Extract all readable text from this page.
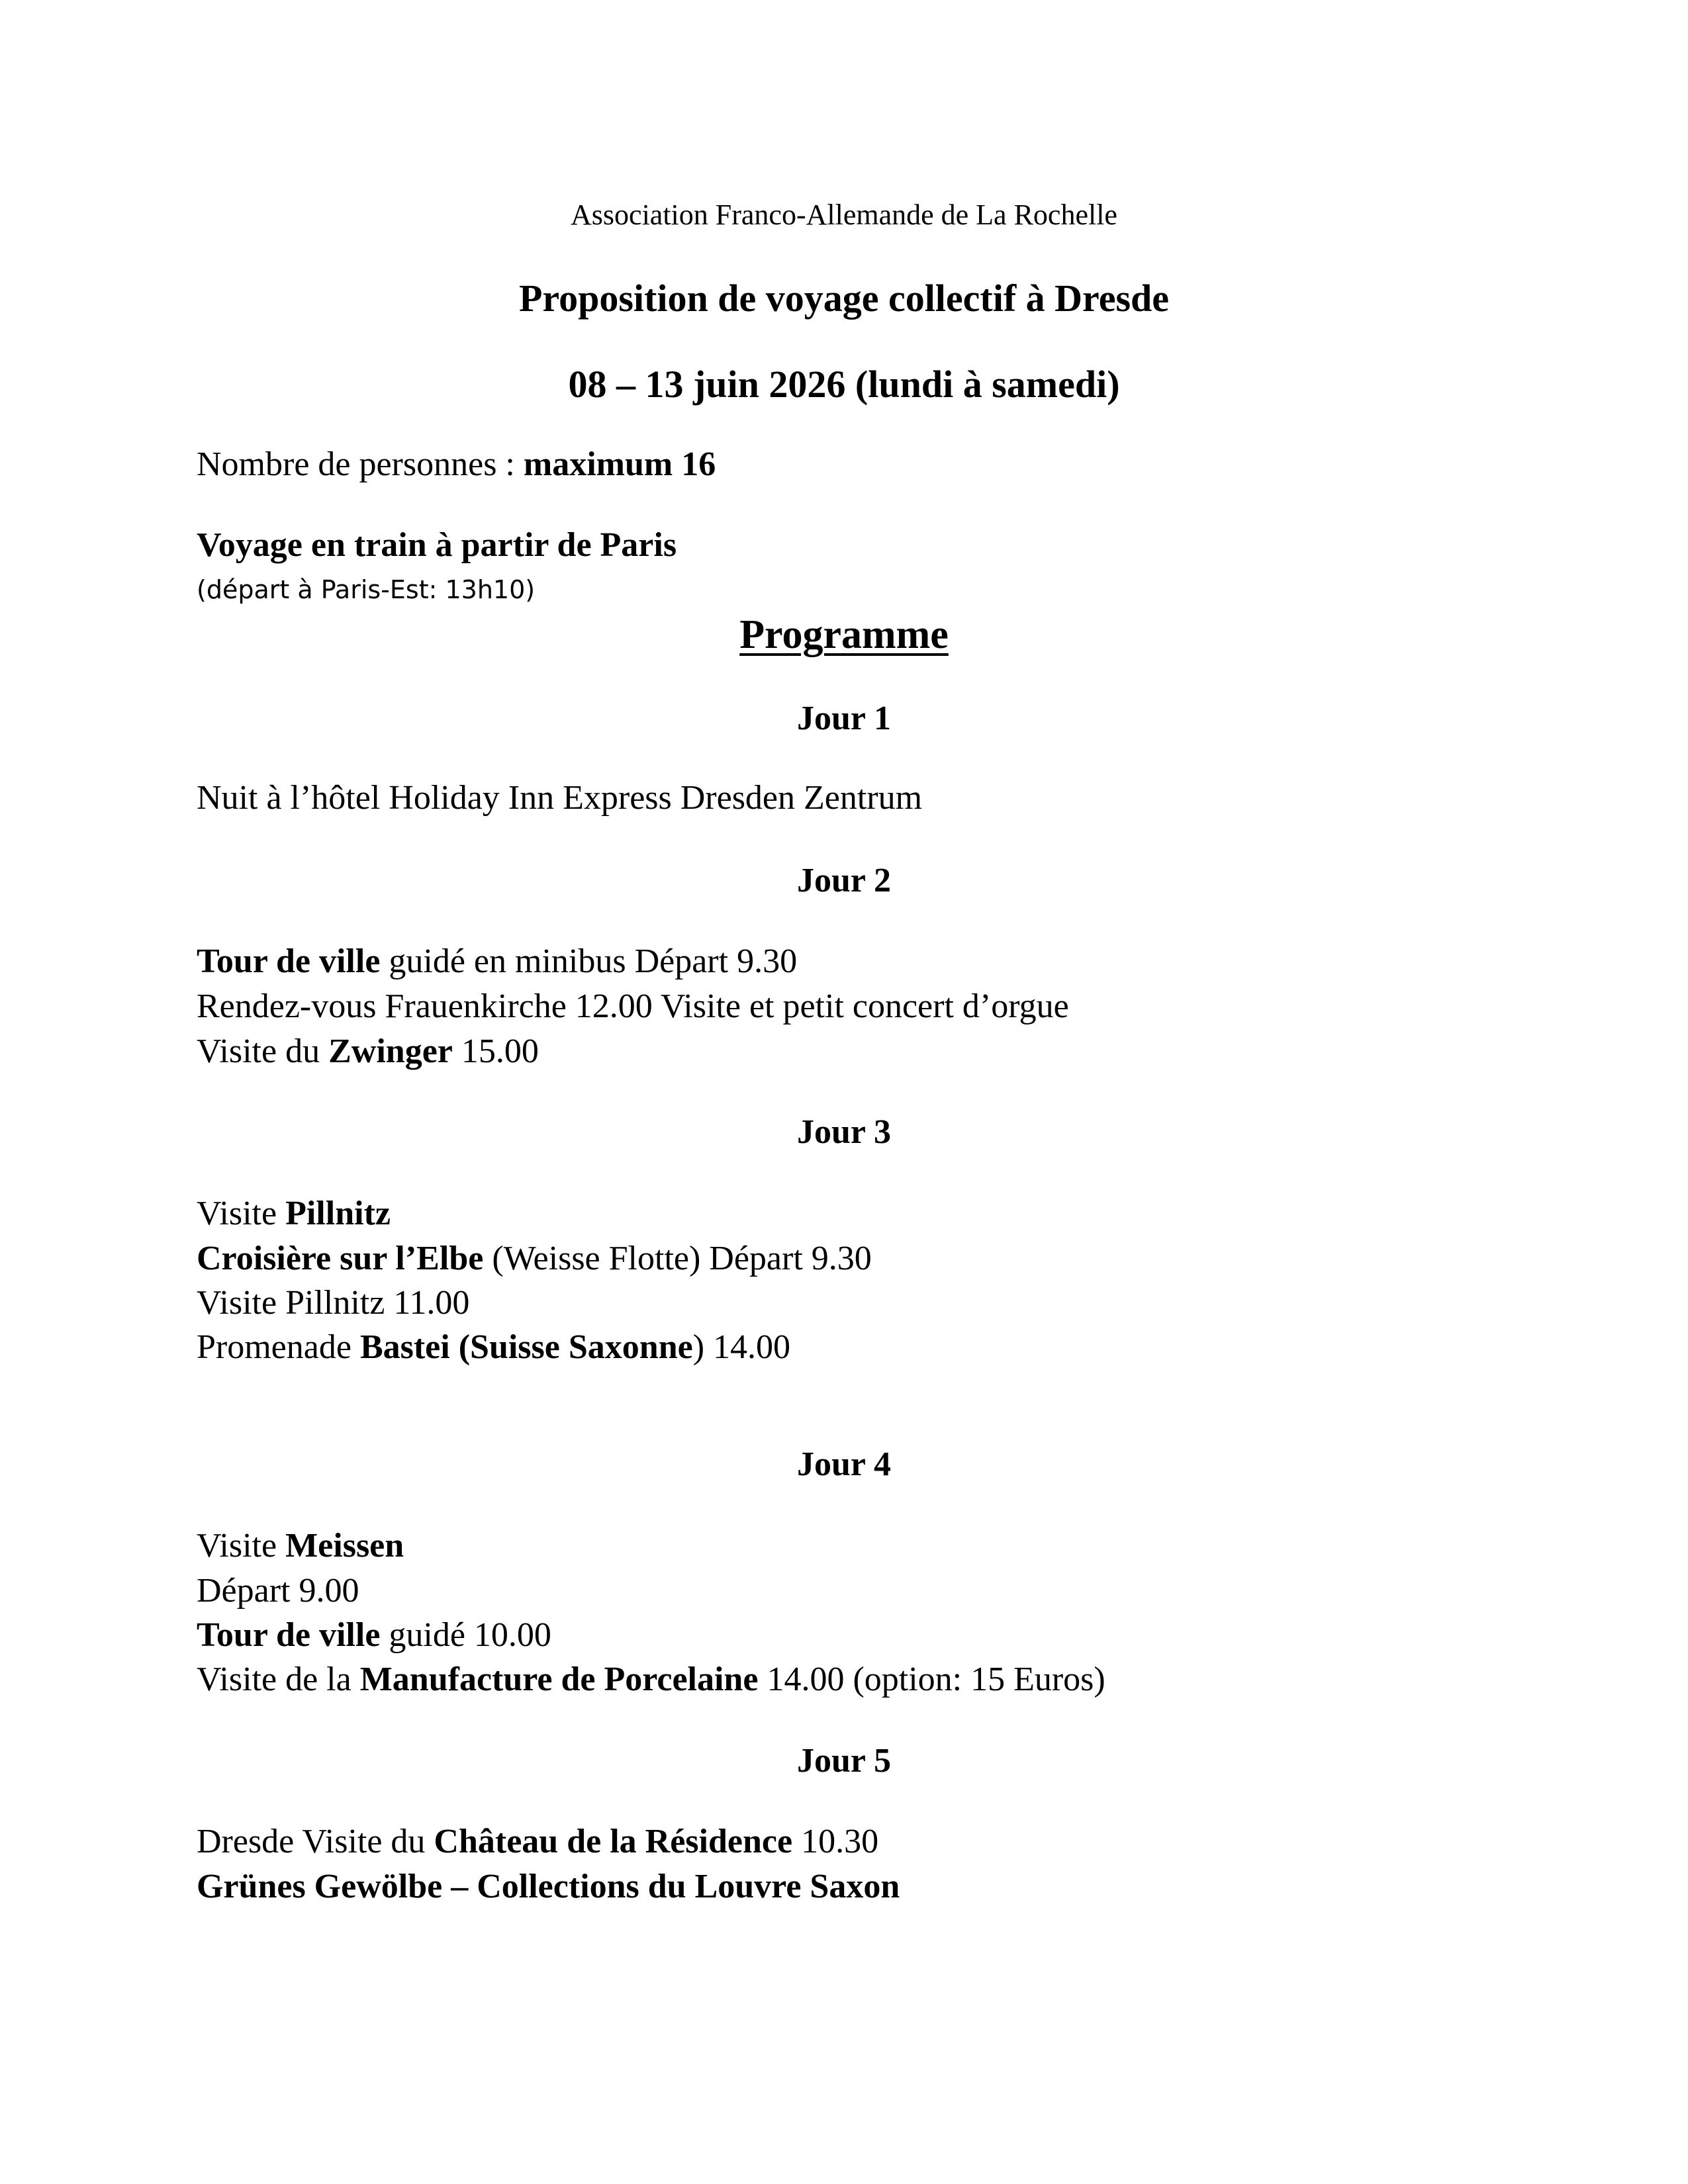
Association Franco-Allemande de La Rochelle
Proposition de voyage collectif à Dresde
08 – 13 juin 2026 (lundi à samedi)
Nombre de personnes : maximum 16
Voyage en train à partir de Paris
(départ à Paris-Est: 13h10)
Programme
Jour 1
Nuit à l’hôtel Holiday Inn Express Dresden Zentrum
Jour 2
Tour de ville guidé en minibus Départ 9.30
Rendez-vous Frauenkirche 12.00 Visite et petit concert d’orgue
Visite du Zwinger 15.00
Jour 3
Visite Pillnitz
Croisière sur l’Elbe (Weisse Flotte) Départ 9.30
Visite Pillnitz 11.00
Promenade Bastei (Suisse Saxonne) 14.00
Jour 4
Visite Meissen
Départ 9.00
Tour de ville guidé 10.00
Visite de la Manufacture de Porcelaine 14.00 (option: 15 Euros)
Jour 5
Dresde Visite du Château de la Résidence 10.30
Grünes Gewölbe – Collections du Louvre Saxon
